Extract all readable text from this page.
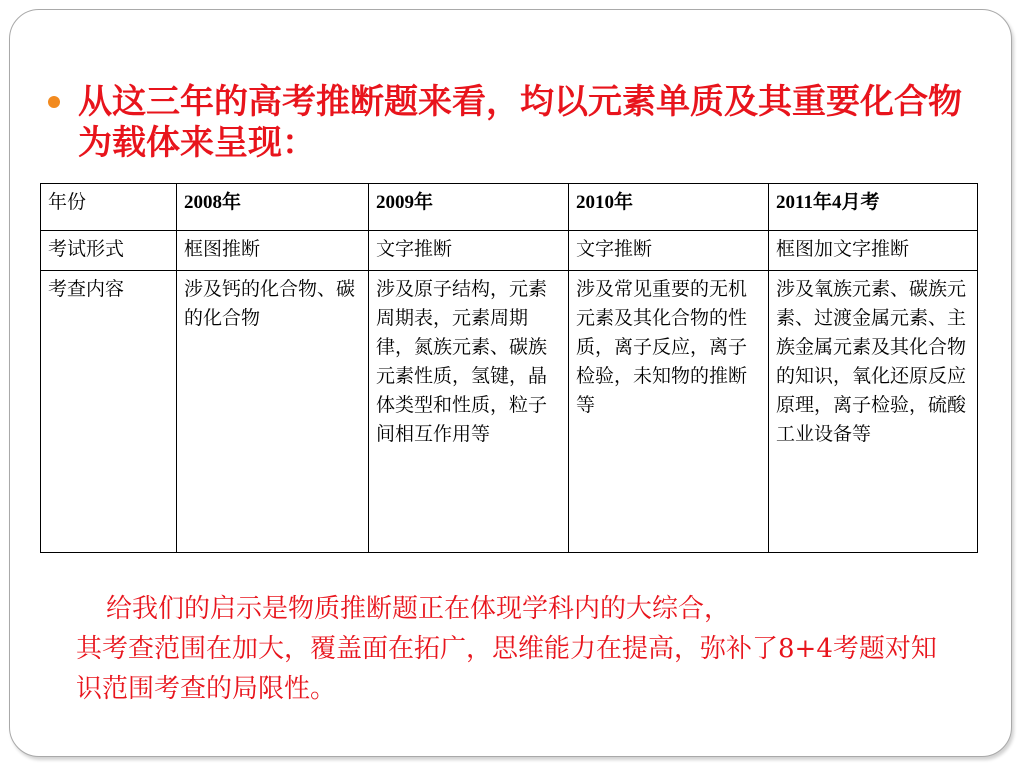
从这三年的高考推断题来看，均以元素单质及其重要化合物为载体来呈现：
年份	2008年	2009年	2010年	2011年4月考
考试形式	框图推断	文字推断	文字推断	框图加文字推断
考查内容	涉及钙的化合物、碳的化合物	涉及原子结构，元素周期表，元素周期律，氮族元素、碳族元素性质，氢键，晶体类型和性质，粒子间相互作用等	涉及常见重要的无机元素及其化合物的性质，离子反应，离子检验，未知物的推断等	涉及氧族元素、碳族元素、过渡金属元素、主族金属元素及其化合物的知识，氧化还原反应原理，离子检验，硫酸工业设备等
给我们的启示是物质推断题正在体现学科内的大综合，
其考查范围在加大，覆盖面在拓广，思维能力在提高，弥补了8+4考题对知识范围考查的局限性。
